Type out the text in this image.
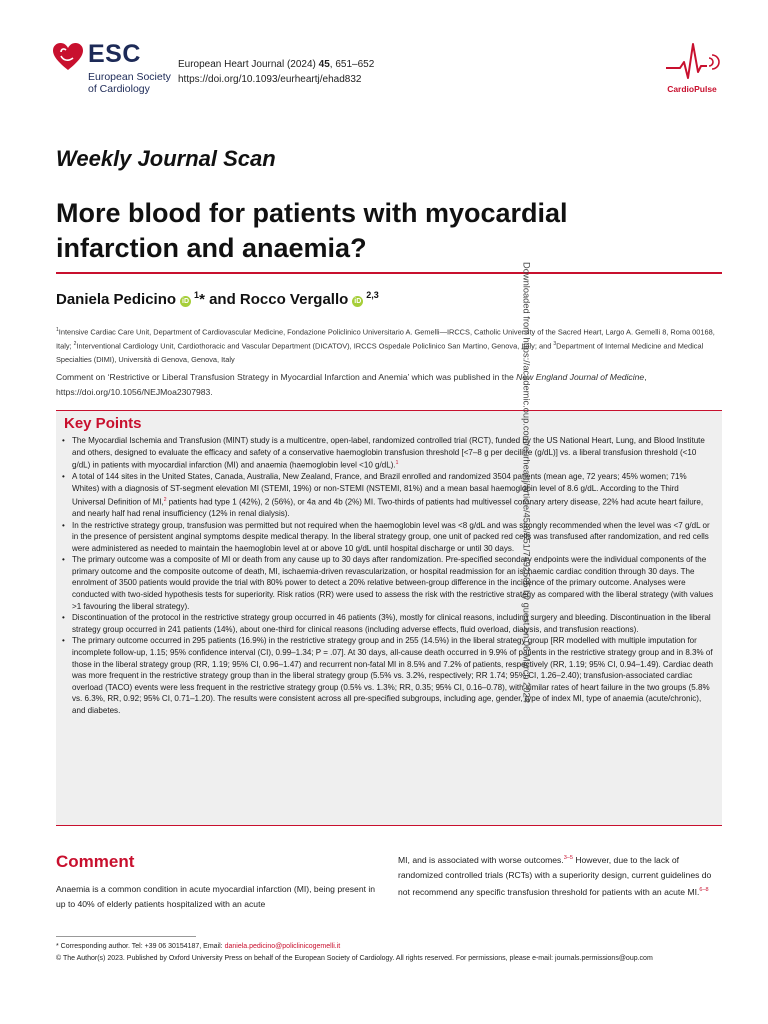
ESC
European Society
of Cardiology
European Heart Journal (2024) 45, 651–652
https://doi.org/10.1093/eurheartj/ehad832
CardioPulse
Weekly Journal Scan
More blood for patients with myocardial infarction and anaemia?
Daniela Pedicino $iD^1*$ and Rocco Vergallo iD$^{2,3}$
$^1$Intensive Cardiac Care Unit, Department of Cardiovascular Medicine, Fondazione Policlinico Universitario A. Gemelli—IRCCS, Catholic University of the Sacred Heart, Largo A. Gemelli 8, Roma 00168, Italy; $^2$Interventional Cardiology Unit, Cardiothoracic and Vascular Department (DICATOV), IRCCS Ospedale Policlinico San Martino, Genova, Italy; and $^3$Department of Internal Medicine and Medical Specialties (DIMI), Università di Genova, Genova, Italy
Comment on ‘Restrictive or Liberal Transfusion Strategy in Myocardial Infarction and Anemia’ which was published in the New England Journal of Medicine, https://doi.org/10.1056/NEJMoa2307983.
Key Points
• The Myocardial Ischemia and Transfusion (MINT) study is a multicentre, open-label, randomized controlled trial (RCT), funded by the US National Heart, Lung, and Blood Institute and others, designed to evaluate the efficacy and safety of a conservative haemoglobin transfusion threshold [<7–8 g per decilitre (g/dL)] vs. a liberal transfusion threshold (<10 g/dL) in patients with myocardial infarction (MI) and anaemia (haemoglobin level <10 g/dL).$^1$
• A total of 144 sites in the United States, Canada, Australia, New Zealand, France, and Brazil enrolled and randomized 3504 patients (mean age, 72 years; 45% women; 71% Whites) with a diagnosis of ST-segment elevation MI (STEMI, 19%) or non-STEMI (NSTEMI, 81%) and a mean basal haemoglobin level of 8.6 g/dL. According to the Third Universal Definition of MI,$^2$ patients had type 1 (42%), 2 (56%), or 4a and 4b (2%) MI. Two-thirds of patients had multivessel coronary artery disease, 22% had acute heart failure, and nearly half had renal insufficiency (12% in renal dialysis).
• In the restrictive strategy group, transfusion was permitted but not required when the haemoglobin level was <8 g/dL and was strongly recommended when the level was <7 g/dL or in the presence of persistent anginal symptoms despite medical therapy. In the liberal strategy group, one unit of packed red cells was transfused after randomization, and red cells were administered as needed to maintain the haemoglobin level at or above 10 g/dL until hospital discharge or until 30 days.
• The primary outcome was a composite of MI or death from any cause up to 30 days after randomization. Pre-specified secondary endpoints were the individual components of the primary outcome and the composite outcome of death, MI, ischaemia-driven revascularization, or hospital readmission for an ischaemic cardiac condition through 30 days. The enrolment of 3500 patients would provide the trial with 80% power to detect a 20% relative between-group difference in the incidence of the primary outcome. Analyses were conducted with two-sided hypothesis tests for superiority. Risk ratios (RR) were used to assess the risk with the restrictive strategy as compared with the liberal strategy (with values >1 favouring the liberal strategy).
• Discontinuation of the protocol in the restrictive strategy group occurred in 46 patients (3%), mostly for clinical reasons, including surgery and bleeding. Discontinuation in the liberal strategy group occurred in 241 patients (14%), about one-third for clinical reasons (including adverse effects, fluid overload, dialysis, and transfusion reactions).
• The primary outcome occurred in 295 patients (16.9%) in the restrictive strategy group and in 255 (14.5%) in the liberal strategy group [RR modelled with multiple imputation for incomplete follow-up, 1.15; 95% confidence interval (CI), 0.99–1.34; P = .07]. At 30 days, all-cause death occurred in 9.9% of patients in the restrictive strategy group and in 8.3% of those in the liberal strategy group (RR, 1.19; 95% CI, 0.96–1.47) and recurrent non-fatal MI in 8.5% and 7.2% of patients, respectively (RR, 1.19; 95% CI, 0.94–1.49). Cardiac death was more frequent in the restrictive strategy group than in the liberal strategy group (5.5% vs. 3.2%, respectively; RR 1.74; 95% CI, 1.26–2.40); transfusion-associated cardiac overload (TACO) events were less frequent in the restrictive strategy group (0.5% vs. 1.3%; RR, 0.35; 95% CI, 0.16–0.78), with similar rates of heart failure in the two groups (5.8% vs. 6.3%, RR, 0.92; 95% CI, 0.71–1.20). The results were consistent across all pre-specified subgroups, including age, gender, type of index MI, type of anaemia (acute/chronic), and diabetes.
Comment
Anaemia is a common condition in acute myocardial infarction (MI), being present in up to 40% of elderly patients hospitalized with an acute
MI, and is associated with worse outcomes.$^{3-5}$ However, due to the lack of randomized controlled trials (RCTs) with a superiority design, current guidelines do not recommend any specific transfusion threshold for patients with an acute MI.$^{6-8}$
* Corresponding author. Tel: +39 06 30154187, Email: daniela.pedicino@policlinicogemelli.it
© The Author(s) 2023. Published by Oxford University Press on behalf of the European Society of Cardiology. All rights reserved. For permissions, please e-mail: journals.permissions@oup.com
Downloaded from https://academic.oup.com/eurheartj/article/45/8/651/7492505 by guest on 06 March 2024
